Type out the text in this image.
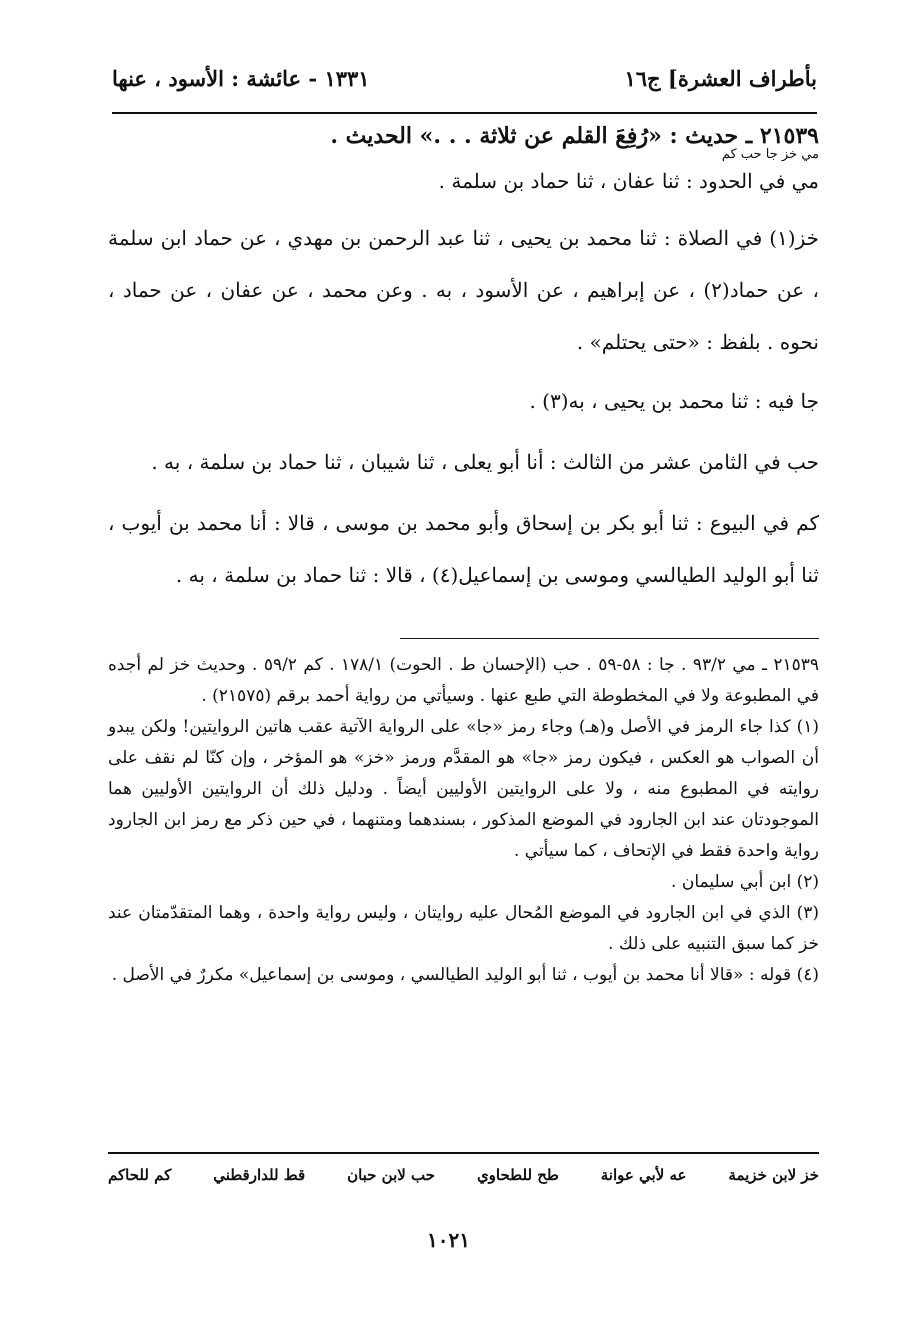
بأطراف العشرة] ج١٦
١٣٣١ - عائشة : الأسود ، عنها

٢١٥٣٩ ـ حديث : «رُفِعَ القلم عن ثلاثة . . .» الحديث .

مي خز جا حب كم

مي في الحدود : ثنا عفان ، ثنا حماد بن سلمة .

خز(١) في الصلاة : ثنا محمد بن يحيى ، ثنا عبد الرحمن بن مهدي ، عن حماد ابن سلمة ، عن حماد(٢) ، عن إبراهيم ، عن الأسود ، به . وعن محمد ، عن عفان ، عن حماد ، نحوه . بلفظ : «حتى يحتلم» .

جا فيه : ثنا محمد بن يحيى ، به(٣) .

حب في الثامن عشر من الثالث : أنا أبو يعلى ، ثنا شيبان ، ثنا حماد بن سلمة ، به .

كم في البيوع : ثنا أبو بكر بن إسحاق وأبو محمد بن موسى ، قالا : أنا محمد بن أيوب ، ثنا أبو الوليد الطيالسي وموسى بن إسماعيل(٤) ، قالا : ثنا حماد بن سلمة ، به .

٢١٥٣٩ ـ مي ٩٣/٢ . جا : ٥٨-٥٩ . حب (الإحسان ط . الحوت) ١٧٨/١ . كم ٥٩/٢ . وحديث خز لم أجده في المطبوعة ولا في المخطوطة التي طبع عنها . وسيأتي من رواية أحمد برقم (٢١٥٧٥) .

(١) كذا جاء الرمز في الأصل و(هـ) وجاء رمز «جا» على الرواية الآتية عقب هاتين الروايتين! ولكن يبدو أن الصواب هو العكس ، فيكون رمز «جا» هو المقدَّم ورمز «خز» هو المؤخر ، وإن كنّا لم نقف على روايته في المطبوع منه ، ولا على الروايتين الأوليين أيضاً . ودليل ذلك أن الروايتين الأوليين هما الموجودتان عند ابن الجارود في الموضع المذكور ، بسندهما ومتنهما ، في حين ذكر مع رمز ابن الجارود رواية واحدة فقط في الإتحاف ، كما سيأتي .

(٢) ابن أبي سليمان .

(٣) الذي في ابن الجارود في الموضع المُحال عليه روايتان ، وليس رواية واحدة ، وهما المتقدّمتان عند خز كما سبق التنبيه على ذلك .

(٤) قوله : «قالا أنا محمد بن أيوب ، ثنا أبو الوليد الطيالسي ، وموسى بن إسماعيل» مكررٌ في الأصل .

خز لابن خزيمة
عه لأبي عوانة
طح للطحاوي
حب لابن حبان
قط للدارقطني
كم للحاكم
١٠٢١
